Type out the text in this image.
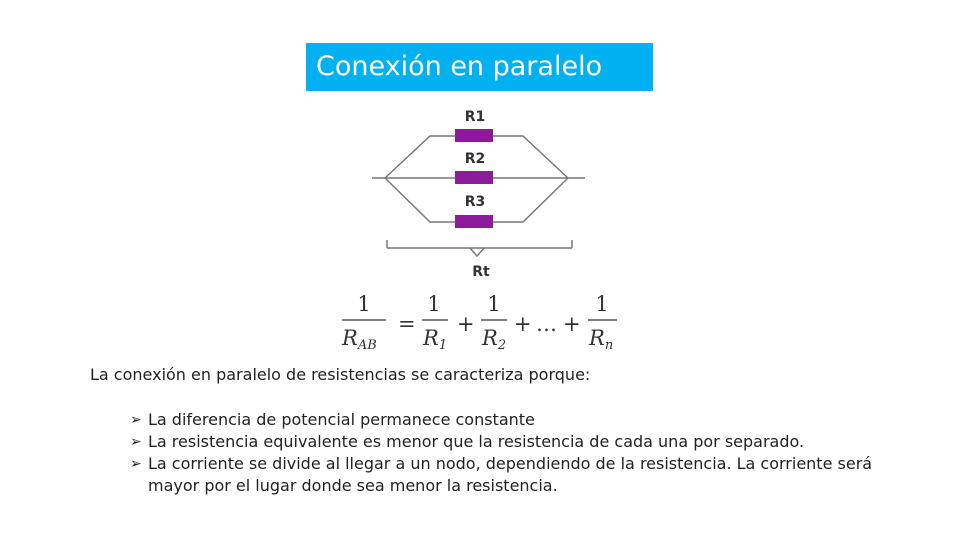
Conexión en paralelo
R1
R2
R3
Rt
1
RAB
=
1
R1
+
1
R2
+ … +
1
Rn
La conexión en paralelo de resistencias se caracteriza porque:
➢ La diferencia de potencial permanece constante
➢ La resistencia equivalente es menor que la resistencia de cada una por separado.
➢ La corriente se divide al llegar a un nodo, dependiendo de la resistencia. La corriente será mayor por el lugar donde sea menor la resistencia.
